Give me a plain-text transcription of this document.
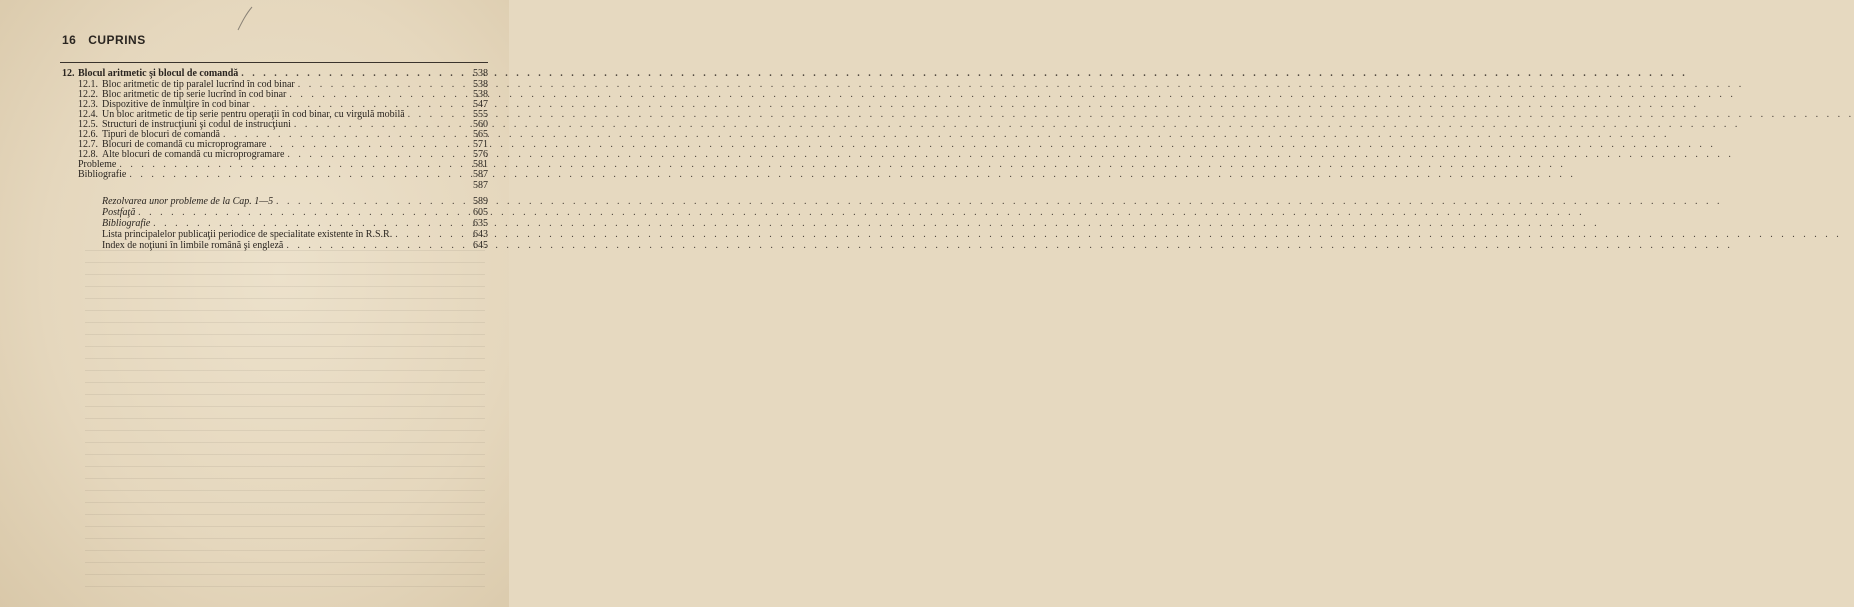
16 CUPRINS
12. Blocul aritmetic şi blocul de comandă . . .	538
12.1. Bloc aritmetic de tip paralel lucrînd în cod binar . . .	538
12.2. Bloc aritmetic de tip serie lucrînd în cod binar . . .	538
12.3. Dispozitive de înmulţire în cod binar . . .	547
12.4. Un bloc aritmetic de tip serie pentru operaţii în cod binar, cu virgulă mobilă . . .	555
12.5. Structuri de instrucţiuni şi codul de instrucţiuni . . .	560
12.6. Tipuri de blocuri de comandă . . .	565
12.7. Blocuri de comandă cu microprogramare . . .	571
12.8. Alte blocuri de comandă cu microprogramare . . .	576
Probleme . . .	581
Bibliografie . . .	587
587
Rezolvarea unor probleme de la Cap. 1—5 . . .	589
Postfaţă . . .	605
Bibliografie . . .	635
Lista principalelor publicaţii periodice de specialitate existente în R.S.R. . . .	643
Index de noţiuni în limbile română şi engleză . . .	645
